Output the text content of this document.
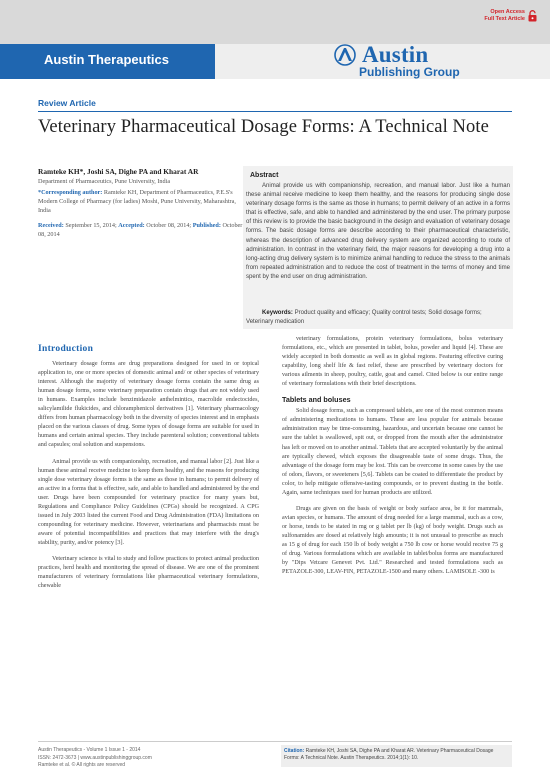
Austin Therapeutics
Open Access
Full Text Article
Austin
Publishing Group
Review Article
Veterinary Pharmaceutical Dosage Forms: A Technical Note
Ramteke KH*, Joshi SA, Dighe PA and Kharat AR
Department of Pharmaceutics, Pune University, India
*Corresponding author: Ramteke KH, Department of Pharmaceutics, P.E.S's Modern College of Pharmacy (for ladies) Moshi, Pune University, Maharashtra, India
Received: September 15, 2014; Accepted: October 08, 2014; Published: October 08, 2014
Abstract
Animal provide us with companionship, recreation, and manual labor. Just like a human these animal receive medicine to keep them healthy, and the reasons for producing single dose veterinary dosage forms is the same as those in humans; to permit delivery of an active in a forms that is effective, safe, and able to handled and administered by the end user. The primary purpose of this review is to provide the basic background in the design and evaluation of veterinary dosage forms. The basic dosage forms are describe according to their pharmaceutical characteristic, whereas the description of advanced drug delivery system are organized according to route of administration. In contrast in the veterinary field, the major reasons for developing a drug into a long-acting drug delivery system is to minimize animal handling to reduce the stress to the animals from repeated administration and to reduce the cost of treatment in the terms of money and time spent by the end user on drug administration.
Keywords: Product quality and efficacy; Quality control tests; Solid dosage forms; Veterinary medication
Introduction

Veterinary dosage forms are drug preparations designed for used in or topical application to, one or more species of domestic animal and/ or other species of veterinary interest. Although the majority of veterinary dosage forms contain the same drug as human dosage forms, some veterinary preparation contain drugs that are not widely used in humans. Examples include benzimidazole anthelmintics, macrolide endectocides, salicylamilide flukicides, and chloramphenicol derivatives [1]. Veterinary pharmacology differs from human pharmacology both in the diversity of species interest and in emphasis placed on the various classes of drug. Some types of dosage forms are suitable for used in humans and certain animal species. They include parenteral solution; conventional tablets and capsules; oral solution and suspensions.

Animal provide us with companionship, recreation, and manual labor [2]. Just like a human these animal receive medicine to keep them healthy, and the reasons for producing single dose veterinary dosage forms is the same as those in humans; to permit delivery of an active in a forms that is effective, safe, and able to handled and administered by the end user. Drugs have been compounded for veterinary practice for many years but, Regulations and Compliance Policy Guidelines (CPGs) should be recognized. A CPG issued in July 2003 listed the current Food and Drug Administration (FDA) limitations on compounding for veterinary medicine. However, veterinarians and pharmacists must be aware of potential incompatibilities and practices that may interfere with the drug's stability, purity, and/or potency [3].

Veterinary science is vital to study and follow practices to protect animal production practices, herd health and monitoring the spread of disease. We are one of the prominent manufacturers of veterinary formulations like pharmaceutical veterinary formulations, chewable

veterinary formulations, protein veterinary formulations, bolus veterinary formulations, etc., which are presented in tablet, bolus, powder and liquid [4]. These are widely accepted in both domestic as well as in global regions. Featuring effective curing capability, long shelf life & fast relief, these are prescribed by veterinary doctors for various ailments in sheep, poultry, cattle, goat and camel. Cited below is our entire range of veterinary formulations with their brief descriptions.

Tablets and boluses

Solid dosage forms, such as compressed tablets, are one of the most common means of administering medications to humans. These are less popular for animals because administration may be time-consuming, hazardous, and uncertain because one cannot be sure the tablet is swallowed, spit out, or dropped from the mouth after the administrator has left or moved on to another animal. Tablets that are accepted voluntarily by the animal are typically chewed, which exposes the disagreeable taste of some drugs. Thus, the advantage of the dosage form may be lost. This can be overcome in some cases by the use of odors, flavors, or sweeteners [5,6]. Tablets can be coated to differentiate the product by color, to help mitigate offensive-tasting compounds, or to prevent dusting in the bottle. Again, same techniques used for human products are utilized.

Drugs are given on the basis of weight or body surface area, be it for mammals, avian species, or humans. The amount of drug needed for a large mammal, such as a cow, or horse, tends to be stated in mg or g tablet per lb (kg) of body weight. Drugs such as sulfonamides are dosed at relatively high amounts; it is not unusual to prescribe as much as 15 g of drug for each 150 lb of body weight a 750 lb cow or horse would receive 75 g of drug. Various formulations which are available in tablet/bolus forms are manufactured by "Dips Vetcare Genevet Pvt. Ltd." Researched and tested formulations such as PETAZOLE-300, LEAV-FIN, PETAZOLE-1500 and many others. LAMISOLE -300 is

Austin Therapeutics - Volume 1 Issue 1 - 2014
ISSN: 2472-3673 | www.austinpublishinggroup.com
Ramteke et al. © All rights are reserved
Citation: Ramteke KH, Joshi SA, Dighe PA and Kharat AR. Veterinary Pharmaceutical Dosage Forms: A Technical Note. Austin Therapeutics. 2014;1(1): 10.
